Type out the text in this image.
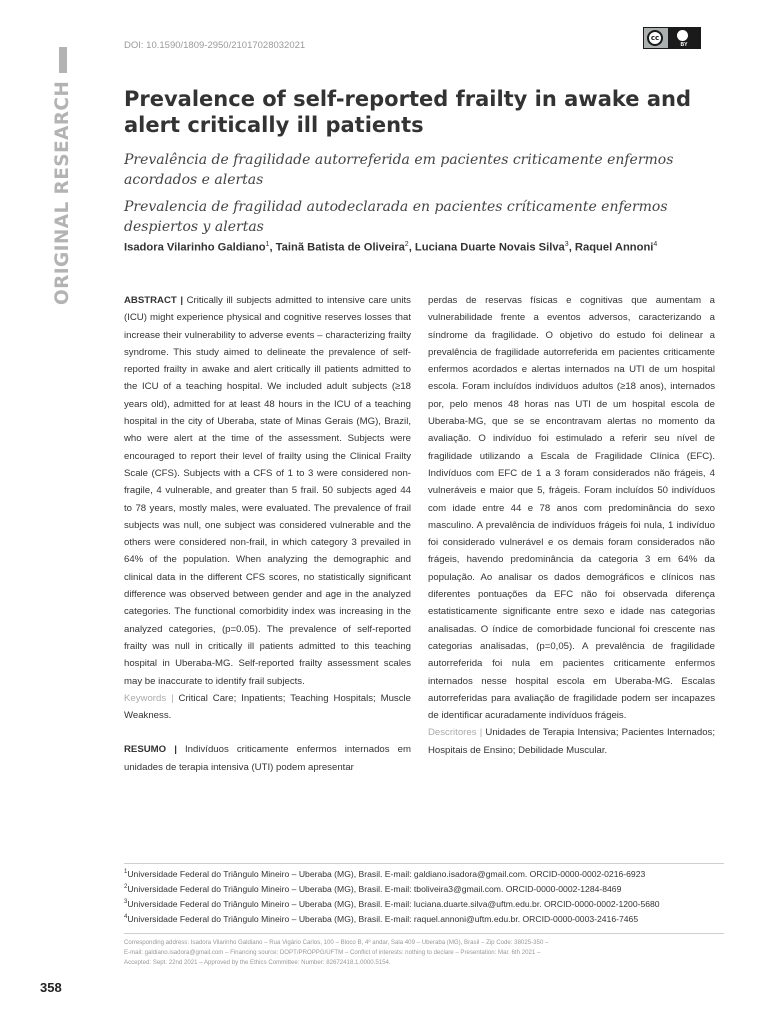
ORIGINAL RESEARCH
DOI: 10.1590/1809-2950/21017028032021
cc
BY
Prevalence of self-reported frailty in awake and alert critically ill patients

Prevalência de fragilidade autorreferida em pacientes criticamente enfermos acordados e alertas

Prevalencia de fragilidad autodeclarada en pacientes críticamente enfermos despiertos y alertas

Isadora Vilarinho Galdiano$^1$, Tainã Batista de Oliveira$^2$, Luciana Duarte Novais Silva$^3$, Raquel Annoni$^4$

ABSTRACT | Critically ill subjects admitted to intensive care units (ICU) might experience physical and cognitive reserves losses that increase their vulnerability to adverse events – characterizing frailty syndrome. This study aimed to delineate the prevalence of self-reported frailty in awake and alert critically ill patients admitted to the ICU of a teaching hospital. We included adult subjects (≥18 years old), admitted for at least 48 hours in the ICU of a teaching hospital in the city of Uberaba, state of Minas Gerais (MG), Brazil, who were alert at the time of the assessment. Subjects were encouraged to report their level of frailty using the Clinical Frailty Scale (CFS). Subjects with a CFS of 1 to 3 were considered non-fragile, 4 vulnerable, and greater than 5 frail. 50 subjects aged 44 to 78 years, mostly males, were evaluated. The prevalence of frail subjects was null, one subject was considered vulnerable and the others were considered non-frail, in which category 3 prevailed in 64% of the population. When analyzing the demographic and clinical data in the different CFS scores, no statistically significant difference was observed between gender and age in the analyzed categories. The functional comorbidity index was increasing in the analyzed categories, (p=0.05). The prevalence of self-reported frailty was null in critically ill patients admitted to this teaching hospital in Uberaba-MG. Self-reported frailty assessment scales may be inaccurate to identify frail subjects.

Keywords | Critical Care; Inpatients; Teaching Hospitals; Muscle Weakness.

RESUMO | Indivíduos criticamente enfermos internados em unidades de terapia intensiva (UTI) podem apresentar

perdas de reservas físicas e cognitivas que aumentam a vulnerabilidade frente a eventos adversos, caracterizando a síndrome da fragilidade. O objetivo do estudo foi delinear a prevalência de fragilidade autorreferida em pacientes criticamente enfermos acordados e alertas internados na UTI de um hospital escola. Foram incluídos indivíduos adultos (≥18 anos), internados por, pelo menos 48 horas nas UTI de um hospital escola de Uberaba-MG, que se se encontravam alertas no momento da avaliação. O indivíduo foi estimulado a referir seu nível de fragilidade utilizando a Escala de Fragilidade Clínica (EFC). Indivíduos com EFC de 1 a 3 foram considerados não frágeis, 4 vulneráveis e maior que 5, frágeis. Foram incluídos 50 indivíduos com idade entre 44 e 78 anos com predominância do sexo masculino. A prevalência de indivíduos frágeis foi nula, 1 indivíduo foi considerado vulnerável e os demais foram considerados não frágeis, havendo predominância da categoria 3 em 64% da população. Ao analisar os dados demográficos e clínicos nas diferentes pontuações da EFC não foi observada diferença estatisticamente significante entre sexo e idade nas categorias analisadas. O índice de comorbidade funcional foi crescente nas categorias analisadas, (p=0,05). A prevalência de fragilidade autorreferida foi nula em pacientes criticamente enfermos internados nesse hospital escola em Uberaba-MG. Escalas autorreferidas para avaliação de fragilidade podem ser incapazes de identificar acuradamente indivíduos frágeis.

Descritores | Unidades de Terapia Intensiva; Pacientes Internados; Hospitais de Ensino; Debilidade Muscular.

$^1$Universidade Federal do Triângulo Mineiro – Uberaba (MG), Brasil. E-mail: galdiano.isadora@gmail.com. ORCID-0000-0002-0216-6923
$^2$Universidade Federal do Triângulo Mineiro – Uberaba (MG), Brasil. E-mail: tboliveira3@gmail.com. ORCID-0000-0002-1284-8469
$^3$Universidade Federal do Triângulo Mineiro – Uberaba (MG), Brasil. E-mail: luciana.duarte.silva@uftm.edu.br. ORCID-0000-0002-1200-5680
$^4$Universidade Federal do Triângulo Mineiro – Uberaba (MG), Brasil. E-mail: raquel.annoni@uftm.edu.br. ORCID-0000-0003-2416-7465
Corresponding address: Isadora Vilarinho Galdiano – Rua Vigário Carlos, 100 – Bloco B, 4º andar, Sala 409 – Uberaba (MG), Brasil – Zip Code: 38025-350 –
E-mail: galdiano.isadora@gmail.com – Financing source: DOPT/PROPPG/UFTM – Conflict of interests: nothing to declare – Presentation: Mar. 6th 2021 –
Accepted: Sept. 22nd 2021 – Approved by the Ethics Committee: Number: 82672418.1.0000.5154.
358
